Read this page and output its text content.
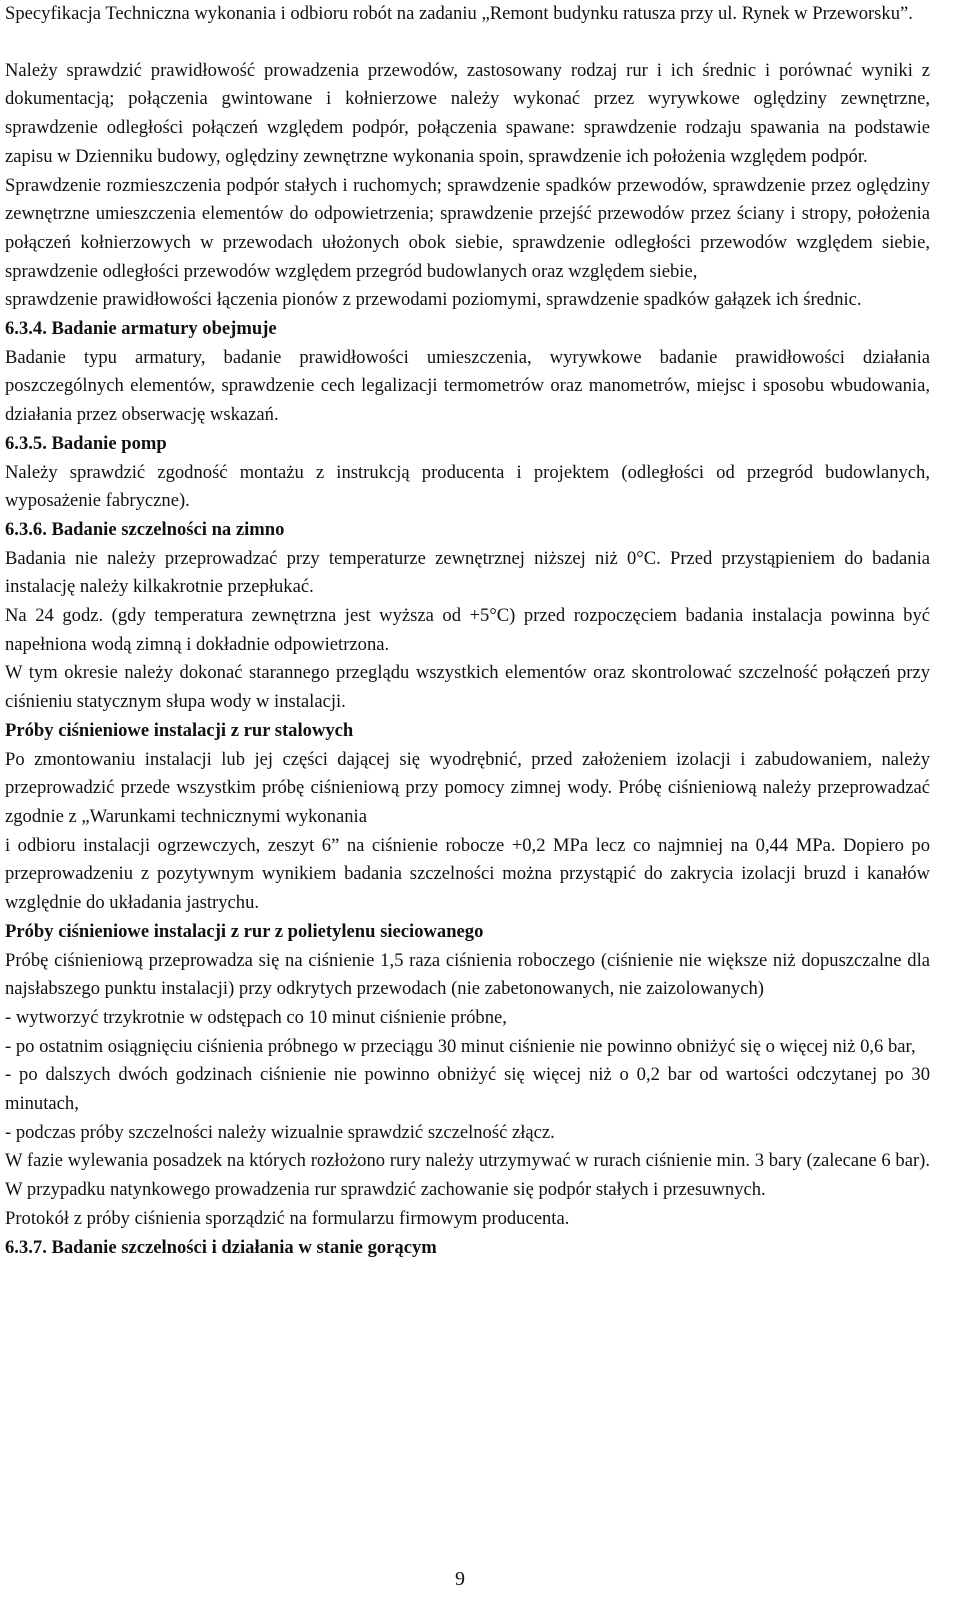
Specyfikacja Techniczna wykonania i odbioru robót na zadaniu „Remont budynku ratusza przy ul. Rynek w Przeworsku”.

Należy sprawdzić prawidłowość prowadzenia przewodów, zastosowany rodzaj rur i ich średnic i porównać wyniki z dokumentacją; połączenia gwintowane i kołnierzowe należy wykonać przez wyrywkowe oględziny zewnętrzne, sprawdzenie odległości połączeń względem podpór, połączenia spawane: sprawdzenie rodzaju spawania na podstawie zapisu w Dzienniku budowy, oględziny zewnętrzne wykonania spoin, sprawdzenie ich położenia względem podpór.

Sprawdzenie rozmieszczenia podpór stałych i ruchomych; sprawdzenie spadków przewodów, sprawdzenie przez oględziny zewnętrzne umieszczenia elementów do odpowietrzenia; sprawdzenie przejść przewodów przez ściany i stropy, położenia połączeń kołnierzowych w przewodach ułożonych obok siebie, sprawdzenie odległości przewodów względem siebie, sprawdzenie odległości przewodów względem przegród budowlanych oraz względem siebie,

sprawdzenie prawidłowości łączenia pionów z przewodami poziomymi, sprawdzenie spadków gałązek ich średnic.

6.3.4. Badanie armatury obejmuje

Badanie typu armatury, badanie prawidłowości umieszczenia, wyrywkowe badanie prawidłowości działania poszczególnych elementów, sprawdzenie cech legalizacji termometrów oraz manometrów, miejsc i sposobu wbudowania, działania przez obserwację wskazań.

6.3.5. Badanie pomp

Należy sprawdzić zgodność montażu z instrukcją producenta i projektem (odległości od przegród budowlanych, wyposażenie fabryczne).

6.3.6. Badanie szczelności na zimno

Badania nie należy przeprowadzać przy temperaturze zewnętrznej niższej niż 0°C. Przed przystąpieniem do badania instalację należy kilkakrotnie przepłukać.

Na 24 godz. (gdy temperatura zewnętrzna jest wyższa od +5°C) przed rozpoczęciem badania instalacja powinna być napełniona wodą zimną i dokładnie odpowietrzona.

W tym okresie należy dokonać starannego przeglądu wszystkich elementów oraz skontrolować szczelność połączeń przy ciśnieniu statycznym słupa wody w instalacji.

Próby ciśnieniowe instalacji z rur stalowych

Po zmontowaniu instalacji lub jej części dającej się wyodrębnić, przed założeniem izolacji i zabudowaniem, należy przeprowadzić przede wszystkim próbę ciśnieniową przy pomocy zimnej wody. Próbę ciśnieniową należy przeprowadzać zgodnie z „Warunkami technicznymi wykonania

i odbioru instalacji ogrzewczych, zeszyt 6” na ciśnienie robocze +0,2 MPa lecz co najmniej na 0,44 MPa. Dopiero po przeprowadzeniu z pozytywnym wynikiem badania szczelności można przystąpić do zakrycia izolacji bruzd i kanałów względnie do układania jastrychu.

Próby ciśnieniowe instalacji z rur z polietylenu sieciowanego

Próbę ciśnieniową przeprowadza się na ciśnienie 1,5 raza ciśnienia roboczego (ciśnienie nie większe niż dopuszczalne dla najsłabszego punktu instalacji) przy odkrytych przewodach (nie zabetonowanych, nie zaizolowanych)

- wytworzyć trzykrotnie w odstępach co 10 minut ciśnienie próbne,

- po ostatnim osiągnięciu ciśnienia próbnego w przeciągu 30 minut ciśnienie nie powinno obniżyć się o więcej niż 0,6 bar,

- po dalszych dwóch godzinach ciśnienie nie powinno obniżyć się więcej niż o 0,2 bar od wartości odczytanej po 30 minutach,

- podczas próby szczelności należy wizualnie sprawdzić szczelność złącz.

W fazie wylewania posadzek na których rozłożono rury należy utrzymywać w rurach ciśnienie min. 3 bary (zalecane 6 bar). W przypadku natynkowego prowadzenia rur sprawdzić zachowanie się podpór stałych i przesuwnych.

Protokół z próby ciśnienia sporządzić na formularzu firmowym producenta.

6.3.7. Badanie szczelności i działania w stanie gorącym

9
